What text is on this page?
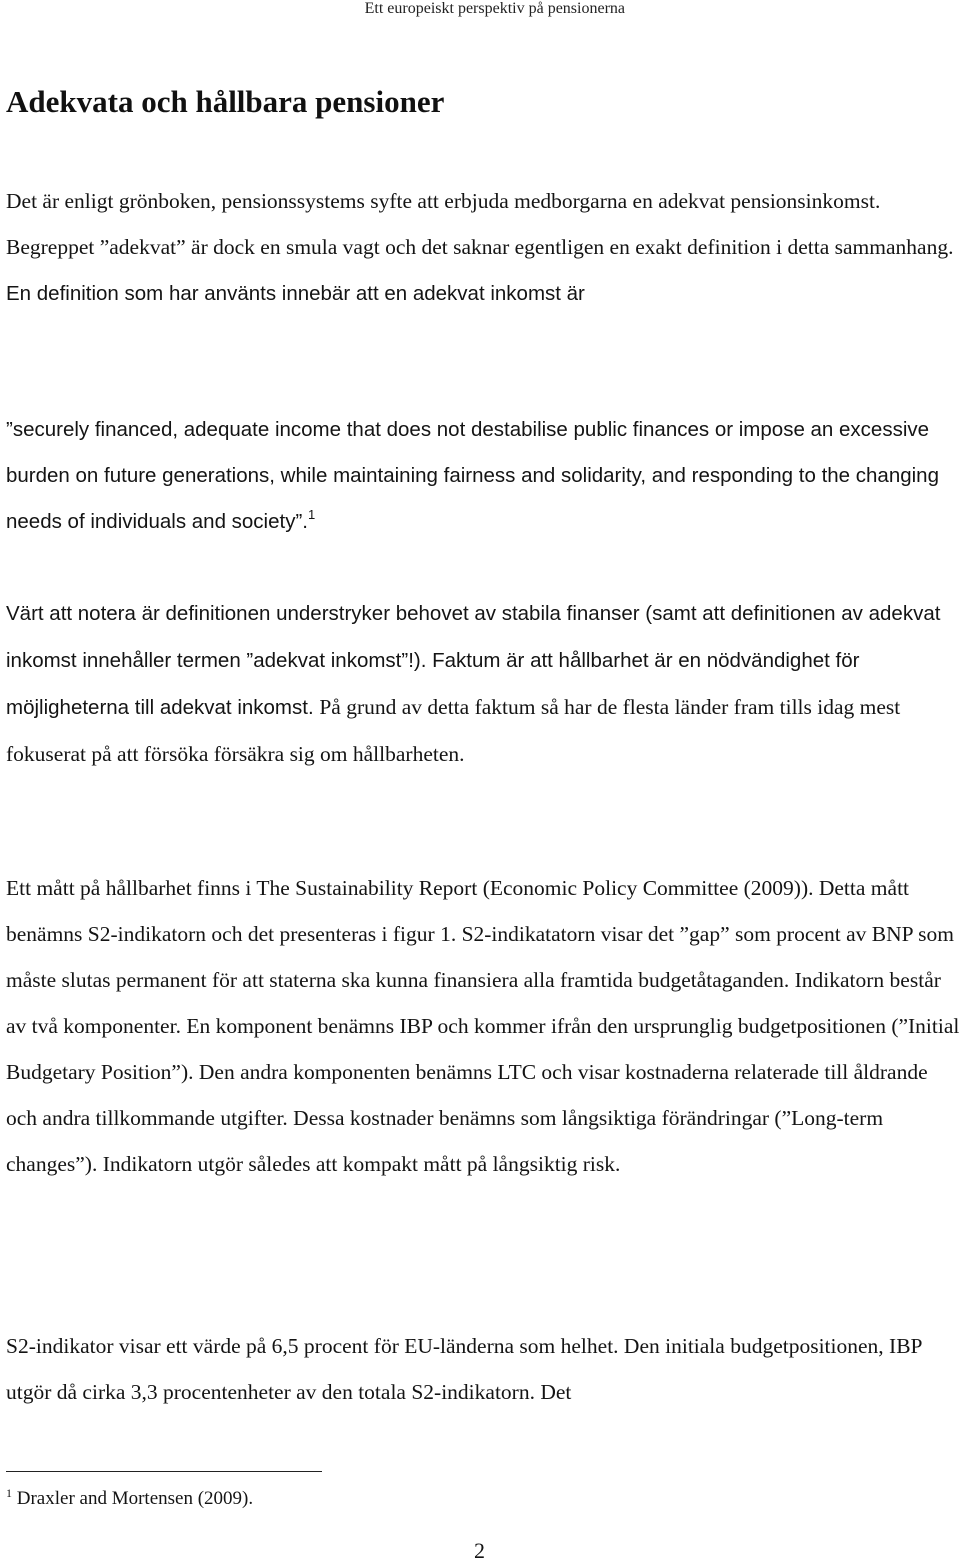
Ett europeiskt perspektiv på pensionerna
Adekvata och hållbara pensioner

Det är enligt grönboken, pensionssystems syfte att erbjuda medborgarna en adekvat pensionsinkomst. Begreppet ”adekvat” är dock en smula vagt och det saknar egentligen en exakt definition i detta sammanhang. En definition som har använts innebär att en adekvat inkomst är

”securely financed, adequate income that does not destabilise public finances or impose an excessive burden on future generations, while maintaining fairness and solidarity, and responding to the changing needs of individuals and society”.$^1$

Värt att notera är definitionen understryker behovet av stabila finanser (samt att definitionen av adekvat inkomst innehåller termen ”adekvat inkomst”!). Faktum är att hållbarhet är en nödvändighet för möjligheterna till adekvat inkomst. På grund av detta faktum så har de flesta länder fram tills idag mest fokuserat på att försöka försäkra sig om hållbarheten.

Ett mått på hållbarhet finns i The Sustainability Report (Economic Policy Committee (2009)). Detta mått benämns S2-indikatorn och det presenteras i figur 1. S2-indikatatorn visar det ”gap” som procent av BNP som måste slutas permanent för att staterna ska kunna finansiera alla framtida budgetåtaganden. Indikatorn består av två komponenter. En komponent benämns IBP och kommer ifrån den ursprunglig budgetpositionen (”Initial Budgetary Position”). Den andra komponenten benämns LTC och visar kostnaderna relaterade till åldrande och andra tillkommande utgifter. Dessa kostnader benämns som långsiktiga förändringar (”Long-term changes”). Indikatorn utgör således att kompakt mått på långsiktig risk.

S2-indikator visar ett värde på 6,5 procent för EU-länderna som helhet. Den initiala budgetpositionen, IBP utgör då cirka 3,3 procentenheter av den totala S2-indikatorn. Det

$^1$ Draxler and Mortensen (2009).
2
